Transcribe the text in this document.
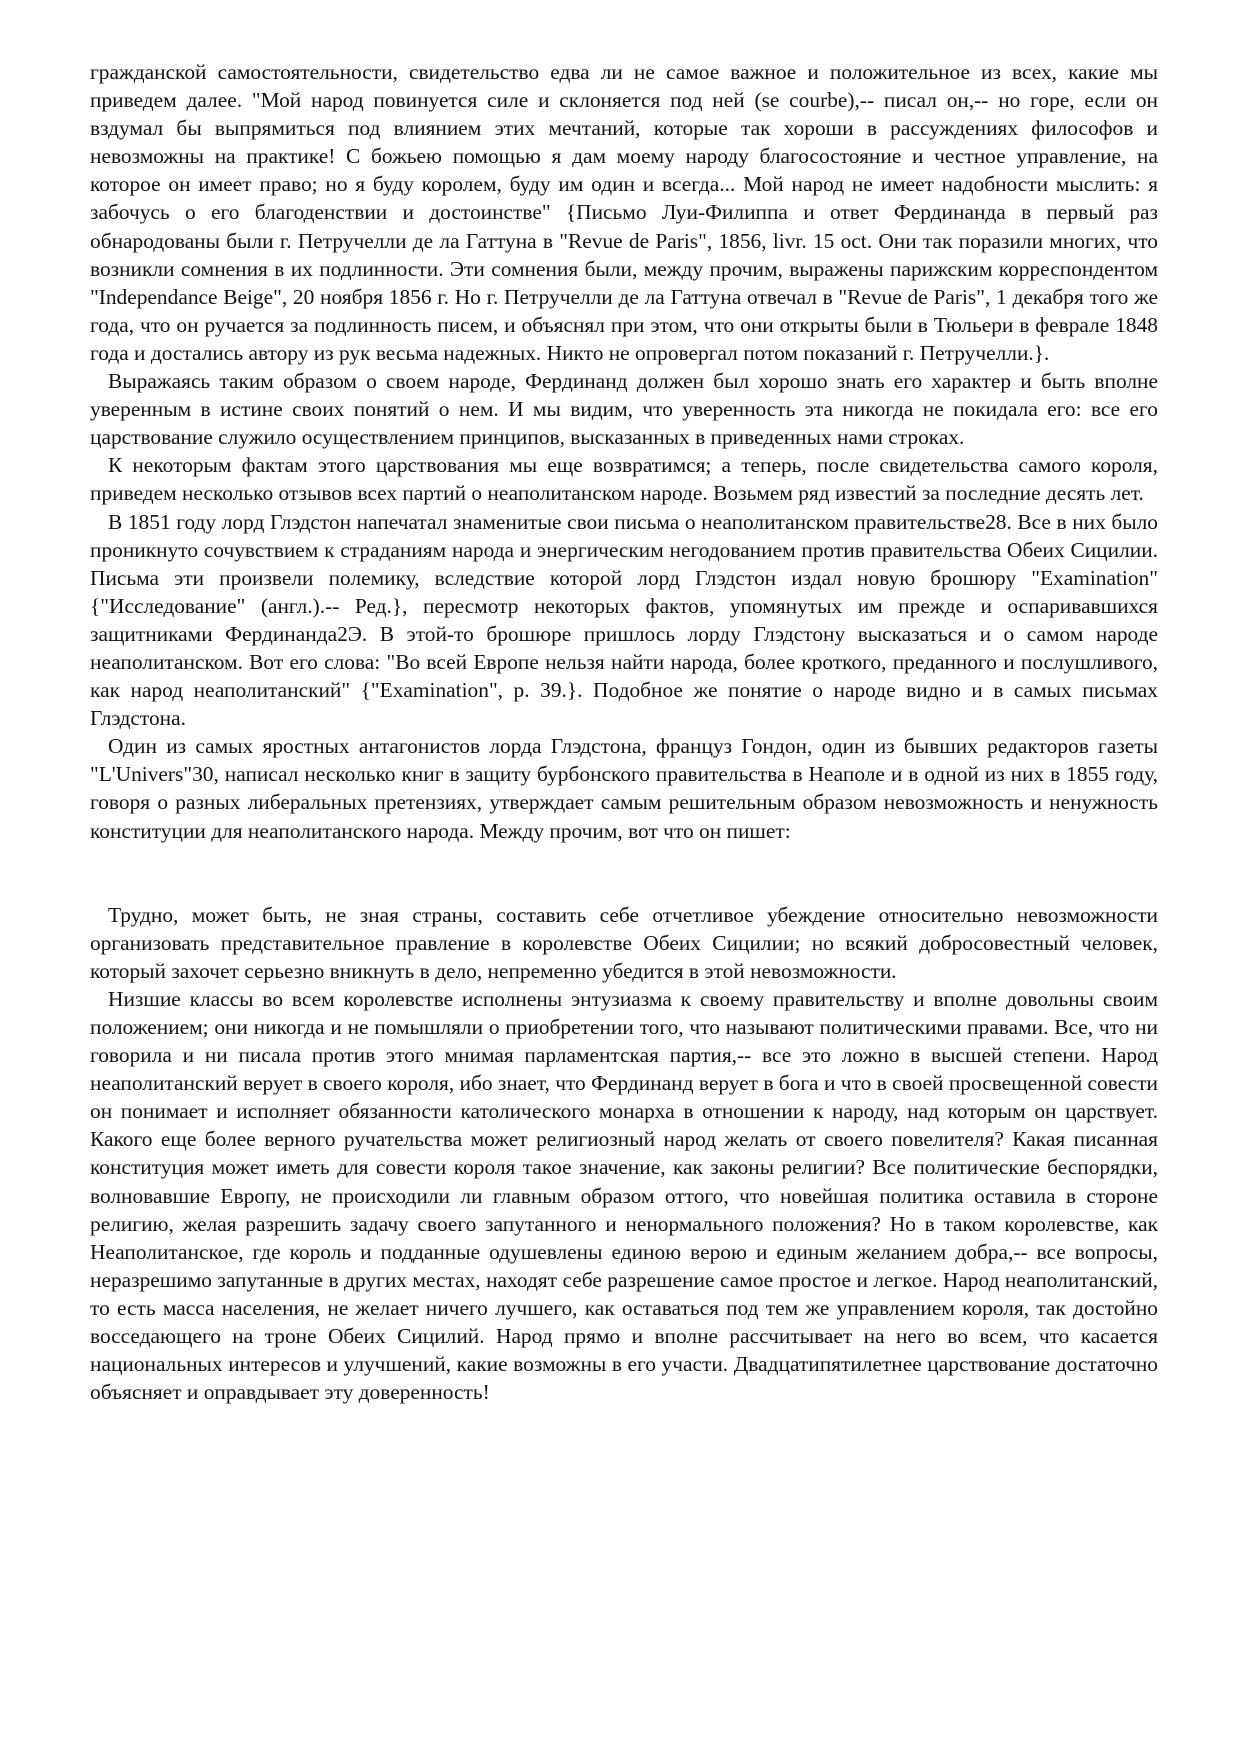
гражданской самостоятельности, свидетельство едва ли не самое важное и положительное из всех, какие мы приведем далее. "Мой народ повинуется силе и склоняется под ней (se courbe),-- писал он,-- но горе, если он вздумал бы выпрямиться под влиянием этих мечтаний, которые так хороши в рассуждениях философов и невозможны на практике! С божьею помощью я дам моему народу благосостояние и честное управление, на которое он имеет право; но я буду королем, буду им один и всегда... Мой народ не имеет надобности мыслить: я забочусь о его благоденствии и достоинстве" {Письмо Луи-Филиппа и ответ Фердинанда в первый раз обнародованы были г. Петручелли де ла Гаттуна в "Revue de Paris", 1856, livr. 15 oct. Они так поразили многих, что возникли сомнения в их подлинности. Эти сомнения были, между прочим, выражены парижским корреспондентом "Independance Beige", 20 ноября 1856 г. Но г. Петручелли де ла Гаттуна отвечал в "Revue de Paris", 1 декабря того же года, что он ручается за подлинность писем, и объяснял при этом, что они открыты были в Тюльери в феврале 1848 года и достались автору из рук весьма надежных. Никто не опровергал потом показаний г. Петручелли.}.

Выражаясь таким образом о своем народе, Фердинанд должен был хорошо знать его характер и быть вполне уверенным в истине своих понятий о нем. И мы видим, что уверенность эта никогда не покидала его: все его царствование служило осуществлением принципов, высказанных в приведенных нами строках.

К некоторым фактам этого царствования мы еще возвратимся; а теперь, после свидетельства самого короля, приведем несколько отзывов всех партий о неаполитанском народе. Возьмем ряд известий за последние десять лет.

В 1851 году лорд Глэдстон напечатал знаменитые свои письма о неаполитанском правительстве28. Все в них было проникнуто сочувствием к страданиям народа и энергическим негодованием против правительства Обеих Сицилии. Письма эти произвели полемику, вследствие которой лорд Глэдстон издал новую брошюру "Examination" {"Исследование" (англ.).-- Ред.}, пересмотр некоторых фактов, упомянутых им прежде и оспаривавшихся защитниками Фердинанда2Э. В этой-то брошюре пришлось лорду Глэдстону высказаться и о самом народе неаполитанском. Вот его слова: "Во всей Европе нельзя найти народа, более кроткого, преданного и послушливого, как народ неаполитанский" {"Examination", p. 39.}. Подобное же понятие о народе видно и в самых письмах Глэдстона.

Один из самых яростных антагонистов лорда Глэдстона, француз Гондон, один из бывших редакторов газеты "L'Univers"30, написал несколько книг в защиту бурбонского правительства в Неаполе и в одной из них в 1855 году, говоря о разных либеральных претензиях, утверждает самым решительным образом невозможность и ненужность конституции для неаполитанского народа. Между прочим, вот что он пишет:

Трудно, может быть, не зная страны, составить себе отчетливое убеждение относительно невозможности организовать представительное правление в королевстве Обеих Сицилии; но всякий добросовестный человек, который захочет серьезно вникнуть в дело, непременно убедится в этой невозможности.

Низшие классы во всем королевстве исполнены энтузиазма к своему правительству и вполне довольны своим положением; они никогда и не помышляли о приобретении того, что называют политическими правами. Все, что ни говорила и ни писала против этого мнимая парламентская партия,-- все это ложно в высшей степени. Народ неаполитанский верует в своего короля, ибо знает, что Фердинанд верует в бога и что в своей просвещенной совести он понимает и исполняет обязанности католического монарха в отношении к народу, над которым он царствует. Какого еще более верного ручательства может религиозный народ желать от своего повелителя? Какая писанная конституция может иметь для совести короля такое значение, как законы религии? Все политические беспорядки, волновавшие Европу, не происходили ли главным образом оттого, что новейшая политика оставила в стороне религию, желая разрешить задачу своего запутанного и ненормального положения? Но в таком королевстве, как Неаполитанское, где король и подданные одушевлены единою верою и единым желанием добра,-- все вопросы, неразрешимо запутанные в других местах, находят себе разрешение самое простое и легкое. Народ неаполитанский, то есть масса населения, не желает ничего лучшего, как оставаться под тем же управлением короля, так достойно восседающего на троне Обеих Сицилий. Народ прямо и вполне рассчитывает на него во всем, что касается национальных интересов и улучшений, какие возможны в его участи. Двадцатипятилетнее царствование достаточно объясняет и оправдывает эту доверенность!
